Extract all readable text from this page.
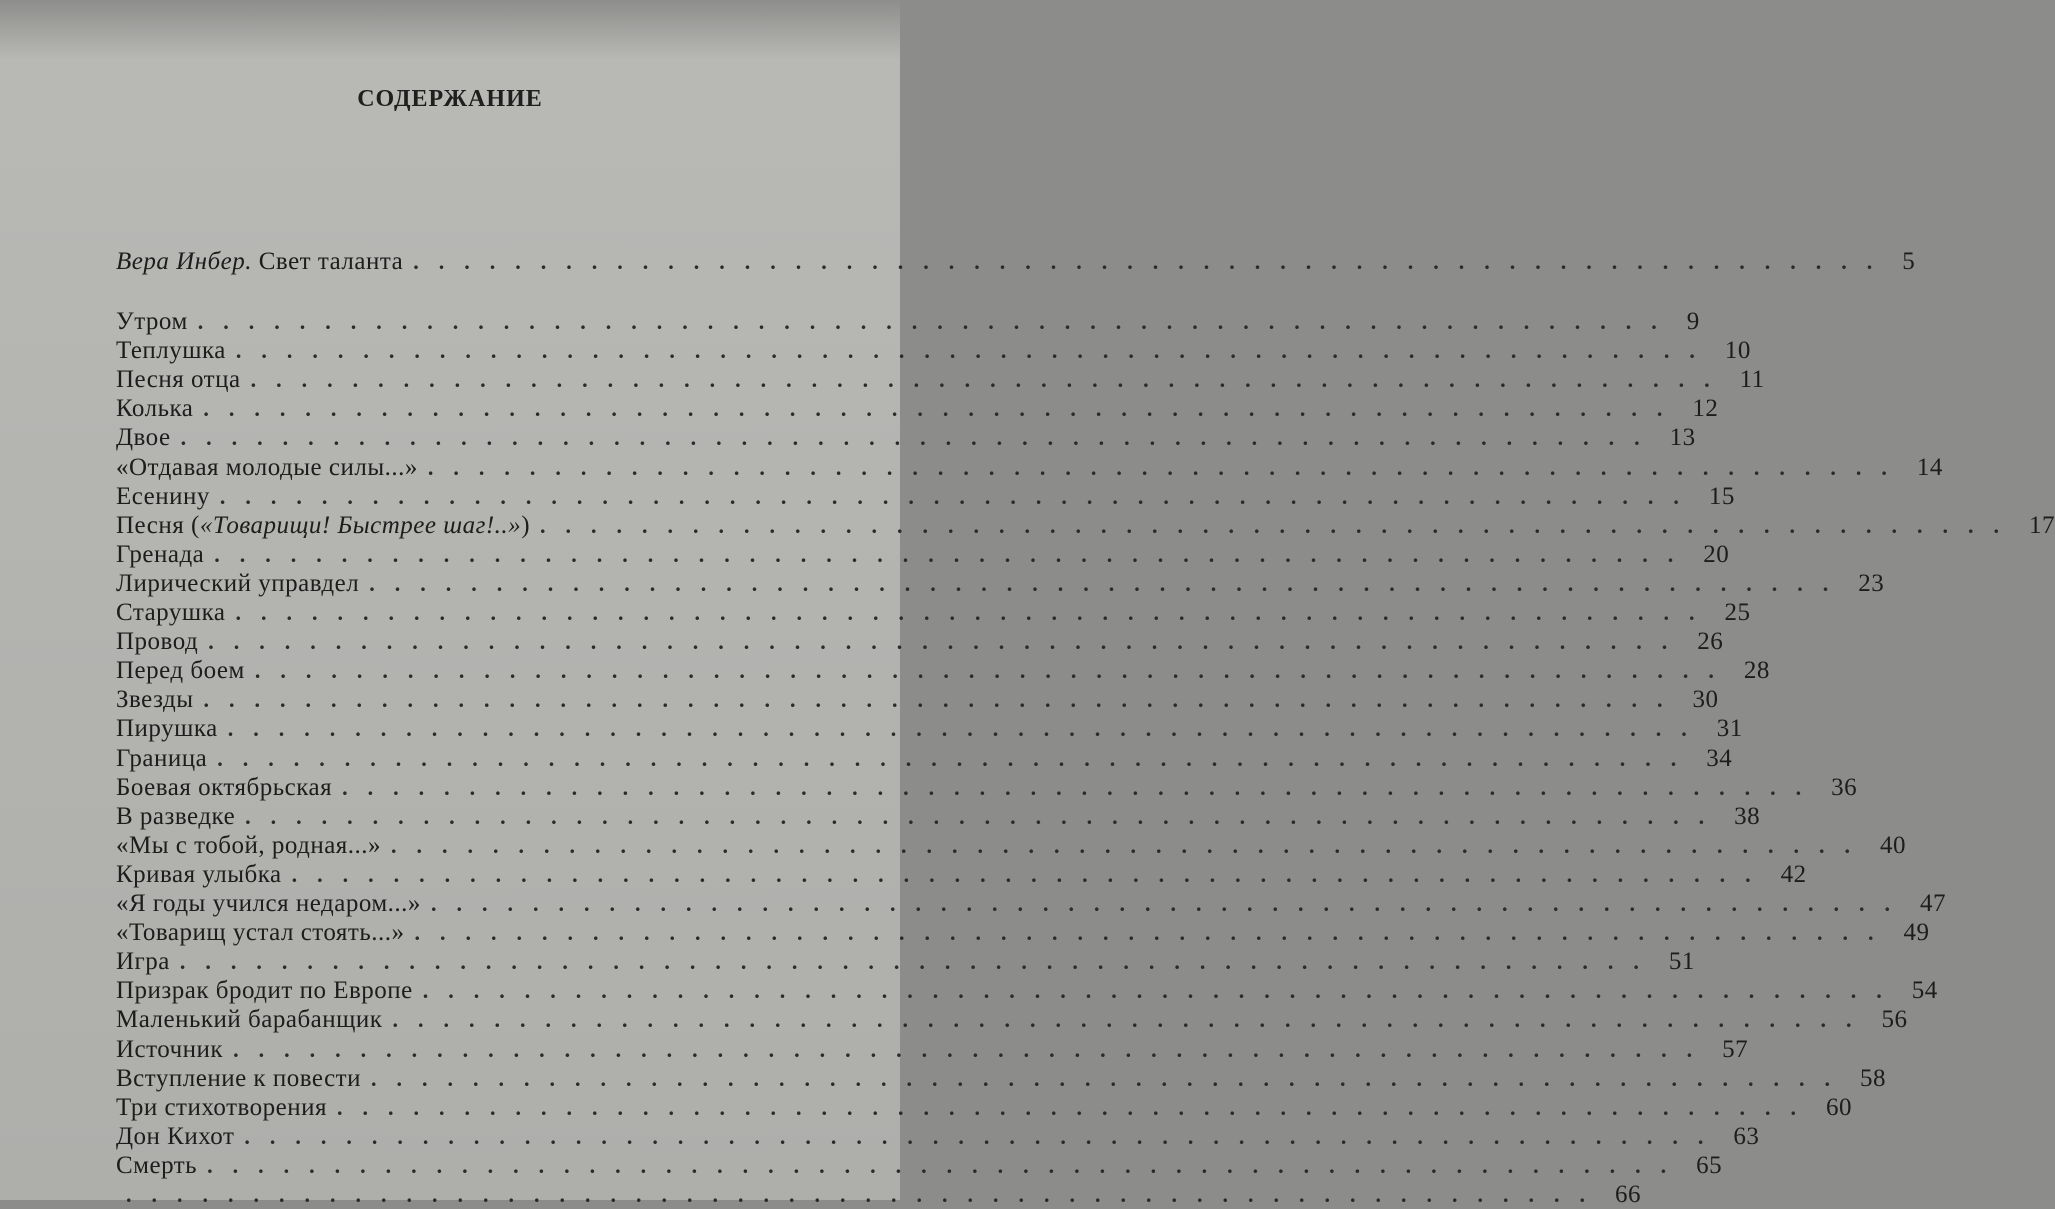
СОДЕРЖАНИЕ
Вера Инбер. Свет таланта .......................................................... 5
Утром .......................................................... 9
Теплушка .......................................................... 10
Песня отца .......................................................... 11
Колька .......................................................... 12
Двое .......................................................... 13
«Отдавая молодые силы...» .......................................................... 14
Есенину .......................................................... 15
Песня («Товарищи! Быстрее шаг!..») .......................................................... 17
Гренада .......................................................... 20
Лирический управдел .......................................................... 23
Старушка .......................................................... 25
Провод .......................................................... 26
Перед боем .......................................................... 28
Звезды .......................................................... 30
Пирушка .......................................................... 31
Граница .......................................................... 34
Боевая октябрьская .......................................................... 36
В разведке .......................................................... 38
«Мы с тобой, родная...» .......................................................... 40
Кривая улыбка .......................................................... 42
«Я годы учился недаром...» .......................................................... 47
«Товарищ устал стоять...» .......................................................... 49
Игра .......................................................... 51
Призрак бродит по Европе .......................................................... 54
Маленький барабанщик .......................................................... 56
Источник .......................................................... 57
Вступление к повести .......................................................... 58
Три стихотворения .......................................................... 60
Дон Кихот .......................................................... 63
Смерть .......................................................... 65
.......................................................... 66
